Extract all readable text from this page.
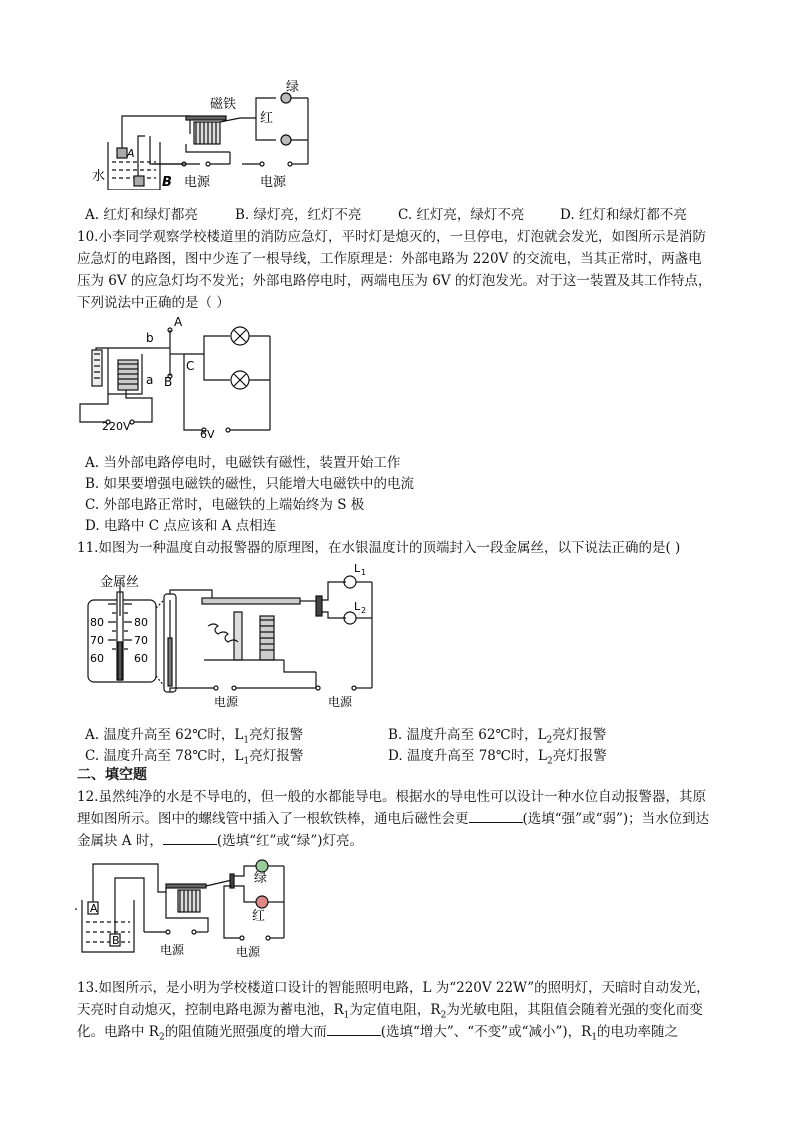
磁铁
绿
红
水
A
B 电源	电源
A. 红灯和绿灯都亮	B. 绿灯亮，红灯不亮	C. 红灯亮，绿灯不亮	D. 红灯和绿灯都不亮
10.小李同学观察学校楼道里的消防应急灯，平时灯是熄灭的，一旦停电，灯泡就会发光，如图所示是消防
应急灯的电路图，图中少连了一根导线，工作原理是：外部电路为 220V 的交流电，当其正常时，两盏电
压为 6V 的应急灯均不发光；外部电路停电时，两端电压为 6V 的灯泡发光。对于这一装置及其工作特点，
下列说法中正确的是（ ）
A
b
B
C
a
220V
6V
A. 当外部电路停电时，电磁铁有磁性，装置开始工作
B. 如果要增强电磁铁的磁性，只能增大电磁铁中的电流
C. 外部电路正常时，电磁铁的上端始终为 S 极
D. 电路中 C 点应该和 A 点相连
11.如图为一种温度自动报警器的原理图，在水银温度计的顶端封入一段金属丝，以下说法正确的是( )
金属丝
80
70
60
80
70
60
L 1
L 2
电源	电源
A. 温度升高至 62℃时，$L_1$亮灯报警	B. 温度升高至 62℃时，$L_2$亮灯报警
C. 温度升高至 78℃时，$L_1$亮灯报警	D. 温度升高至 78℃时，$L_2$亮灯报警
二、填空题
12.虽然纯净的水是不导电的，但一般的水都能导电。根据水的导电性可以设计一种水位自动报警器，其原
理如图所示。图中的螺线管中插入了一根软铁棒，通电后磁性会更	(选填“强”或“弱”)；当水位到达
金属块 A 时，	(选填“红”或“绿”)灯亮。
. A
B
绿
红
电源	电源
13.如图所示，是小明为学校楼道口设计的智能照明电路，L 为“220V 22W”的照明灯，天暗时自动发光，
天亮时自动熄灭，控制电路电源为蓄电池，$R_1$为定值电阻，$R_2$为光敏电阻，其阻值会随着光强的变化而变
化。电路中 $R_2$的阻值随光照强度的增大而	(选填“增大”、“不变”或“减小”)，$R_1$的电功率随之
